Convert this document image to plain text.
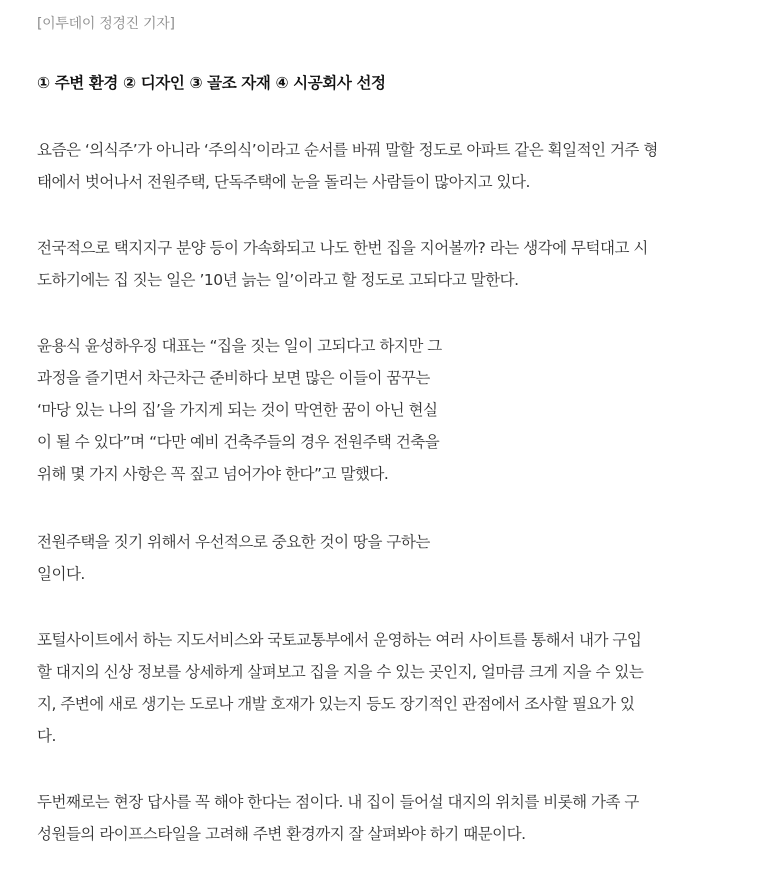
[이투데이 정경진 기자]
① 주변 환경 ② 디자인 ③ 골조 자재 ④ 시공회사 선정

요즘은 ‘의식주’가 아니라 ‘주의식’이라고 순서를 바꿔 말할 정도로 아파트 같은 획일적인 거주 형
태에서 벗어나서 전원주택, 단독주택에 눈을 돌리는 사람들이 많아지고 있다.

전국적으로 택지지구 분양 등이 가속화되고 나도 한번 집을 지어볼까? 라는 생각에 무턱대고 시
도하기에는 집 짓는 일은 ’10년 늙는 일’이라고 할 정도로 고되다고 말한다.

윤용식 윤성하우징 대표는 “집을 짓는 일이 고되다고 하지만 그
과정을 즐기면서 차근차근 준비하다 보면 많은 이들이 꿈꾸는
‘마당 있는 나의 집’을 가지게 되는 것이 막연한 꿈이 아닌 현실
이 될 수 있다”며 “다만 예비 건축주들의 경우 전원주택 건축을
위해 몇 가지 사항은 꼭 짚고 넘어가야 한다”고 말했다.

전원주택을 짓기 위해서 우선적으로 중요한 것이 땅을 구하는
일이다.

포털사이트에서 하는 지도서비스와 국토교통부에서 운영하는 여러 사이트를 통해서 내가 구입
할 대지의 신상 정보를 상세하게 살펴보고 집을 지을 수 있는 곳인지, 얼마큼 크게 지을 수 있는
지, 주변에 새로 생기는 도로나 개발 호재가 있는지 등도 장기적인 관점에서 조사할 필요가 있
다.

두번째로는 현장 답사를 꼭 해야 한다는 점이다. 내 집이 들어설 대지의 위치를 비롯해 가족 구
성원들의 라이프스타일을 고려해 주변 환경까지 잘 살펴봐야 하기 때문이다.
